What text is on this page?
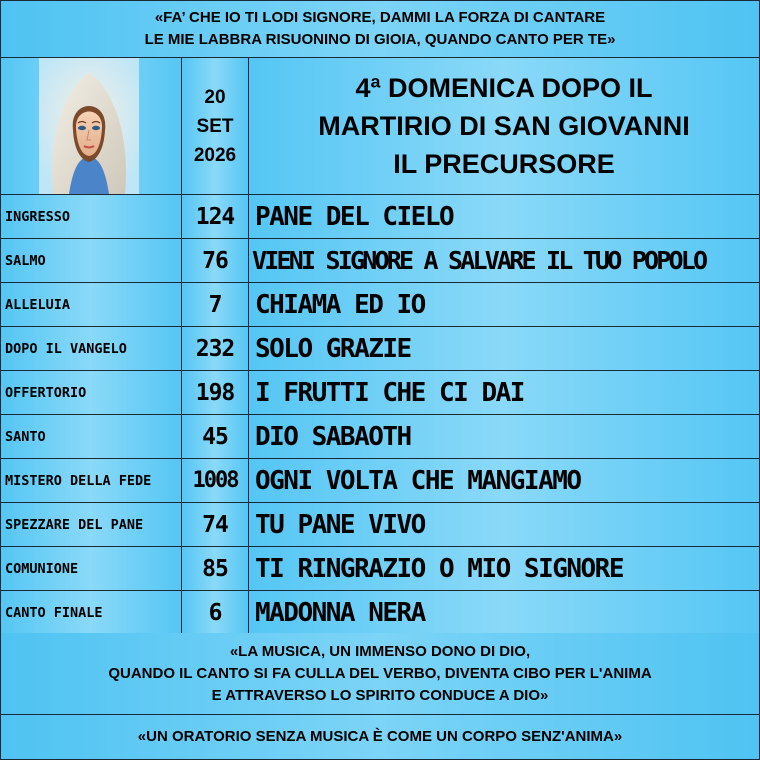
«FA’ CHE IO TI LODI SIGNORE, DAMMI LA FORZA DI CANTARE
LE MIE LABBRA RISUONINO DI GIOIA, QUANDO CANTO PER TE»
20
SET
2026
4ª DOMENICA DOPO IL
MARTIRIO DI SAN GIOVANNI
IL PRECURSORE
INGRESSO	124 PANE DEL CIELO
SALMO	76 VIENI SIGNORE A SALVARE IL TUO POPOLO
ALLELUIA	7 CHIAMA ED IO
DOPO IL VANGELO	232 SOLO GRAZIE
OFFERTORIO	198 I FRUTTI CHE CI DAI
SANTO	45 DIO SABAOTH
MISTERO DELLA FEDE 1008 OGNI VOLTA CHE MANGIAMO
SPEZZARE DEL PANE	74 TU PANE VIVO
COMUNIONE	85 TI RINGRAZIO O MIO SIGNORE
CANTO FINALE	6 MADONNA NERA
«LA MUSICA, UN IMMENSO DONO DI DIO,
QUANDO IL CANTO SI FA CULLA DEL VERBO, DIVENTA CIBO PER L'ANIMA
E ATTRAVERSO LO SPIRITO CONDUCE A DIO»
«UN ORATORIO SENZA MUSICA È COME UN CORPO SENZ'ANIMA»
